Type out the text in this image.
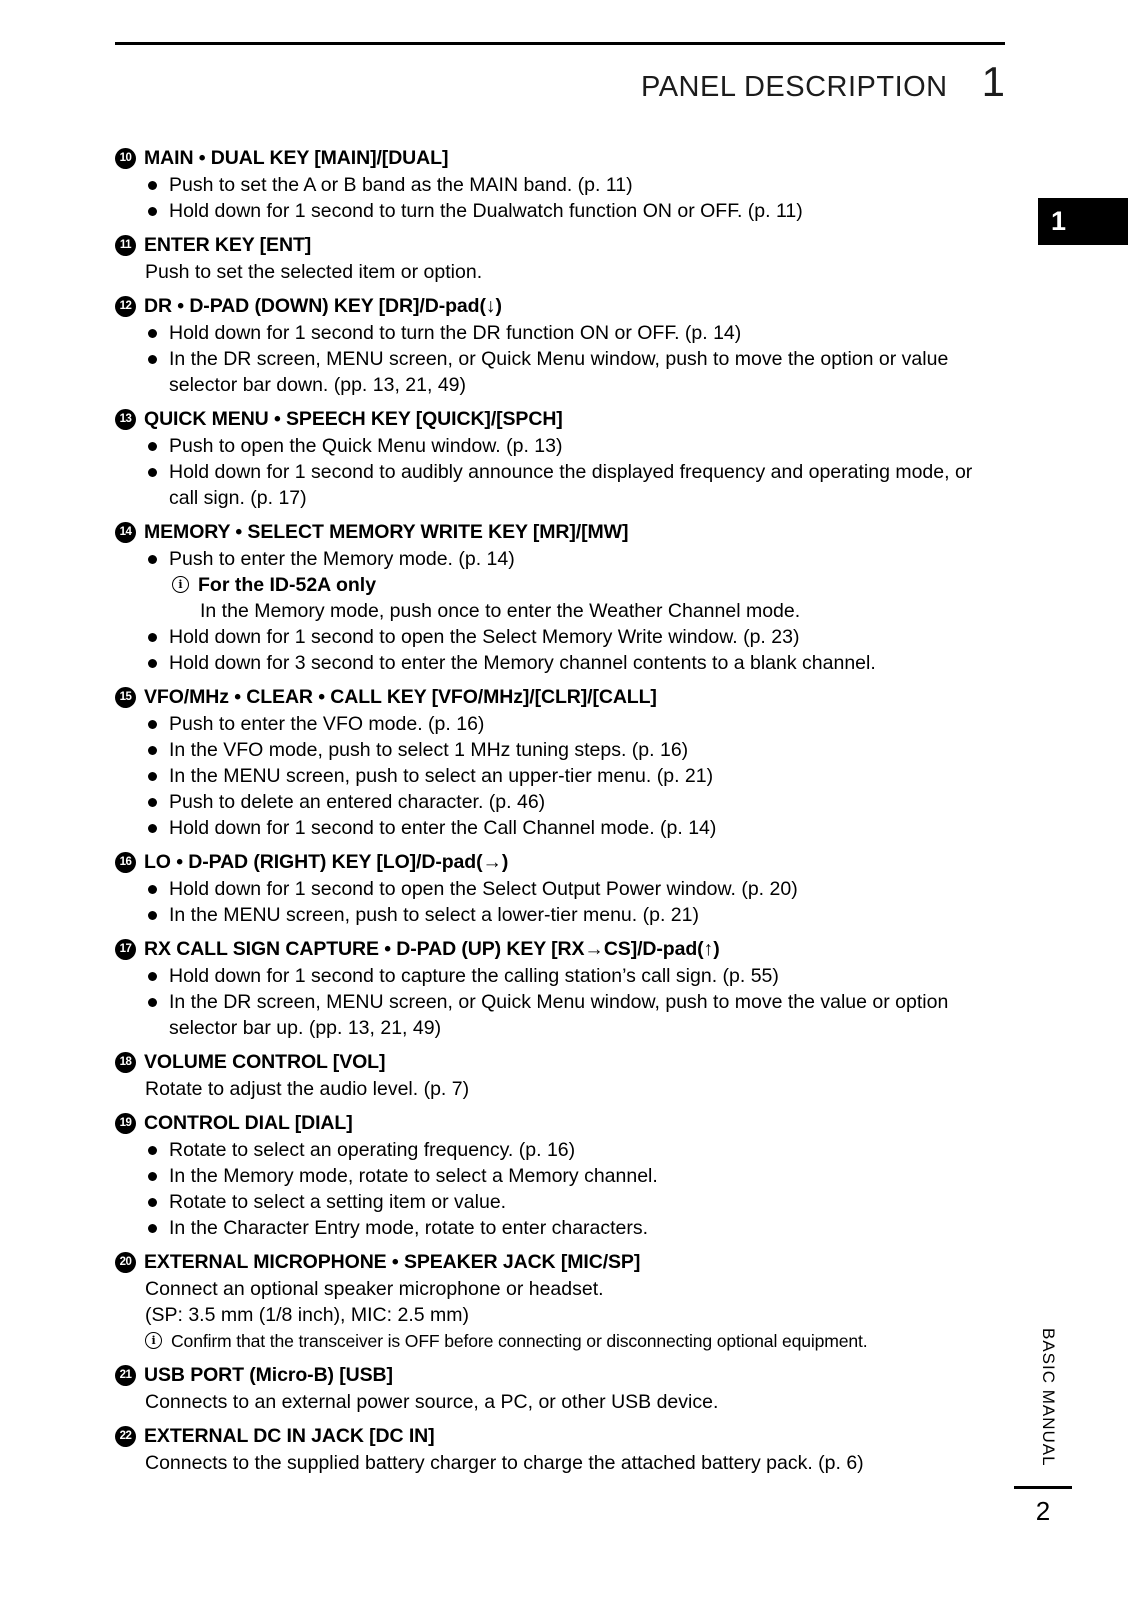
PANEL DESCRIPTION 1
1
10 MAIN • DUAL KEY [MAIN]/[DUAL]
Push to set the A or B band as the MAIN band. (p. 11)
Hold down for 1 second to turn the Dualwatch function ON or OFF. (p. 11)
11 ENTER KEY [ENT]
Push to set the selected item or option.
12 DR • D-PAD (DOWN) KEY [DR]/D-pad(↓)
Hold down for 1 second to turn the DR function ON or OFF. (p. 14)
In the DR screen, MENU screen, or Quick Menu window, push to move the option or value selector bar down. (pp. 13, 21, 49)
13 QUICK MENU • SPEECH KEY [QUICK]/[SPCH]
Push to open the Quick Menu window. (p. 13)
Hold down for 1 second to audibly announce the displayed frequency and operating mode, or call sign. (p. 17)
14 MEMORY • SELECT MEMORY WRITE KEY [MR]/[MW]
Push to enter the Memory mode. (p. 14)
i For the ID-52A only
In the Memory mode, push once to enter the Weather Channel mode.
Hold down for 1 second to open the Select Memory Write window. (p. 23)
Hold down for 3 second to enter the Memory channel contents to a blank channel.
15 VFO/MHz • CLEAR • CALL KEY [VFO/MHz]/[CLR]/[CALL]
Push to enter the VFO mode. (p. 16)
In the VFO mode, push to select 1 MHz tuning steps. (p. 16)
In the MENU screen, push to select an upper-tier menu. (p. 21)
Push to delete an entered character. (p. 46)
Hold down for 1 second to enter the Call Channel mode. (p. 14)
16 LO • D-PAD (RIGHT) KEY [LO]/D-pad(→)
Hold down for 1 second to open the Select Output Power window. (p. 20)
In the MENU screen, push to select a lower-tier menu. (p. 21)
17 RX CALL SIGN CAPTURE • D-PAD (UP) KEY [RX→CS]/D-pad(↑)
Hold down for 1 second to capture the calling station’s call sign. (p. 55)
In the DR screen, MENU screen, or Quick Menu window, push to move the value or option selector bar up. (pp. 13, 21, 49)
18 VOLUME CONTROL [VOL]
Rotate to adjust the audio level. (p. 7)
19 CONTROL DIAL [DIAL]
Rotate to select an operating frequency. (p. 16)
In the Memory mode, rotate to select a Memory channel.
Rotate to select a setting item or value.
In the Character Entry mode, rotate to enter characters.
20 EXTERNAL MICROPHONE • SPEAKER JACK [MIC/SP]
Connect an optional speaker microphone or headset.
(SP: 3.5 mm (1/8 inch), MIC: 2.5 mm)
i Confirm that the transceiver is OFF before connecting or disconnecting optional equipment.
21 USB PORT (Micro-B) [USB]
Connects to an external power source, a PC, or other USB device.
22 EXTERNAL DC IN JACK [DC IN]
Connects to the supplied battery charger to charge the attached battery pack. (p. 6)	BASIC MANUAL
2
